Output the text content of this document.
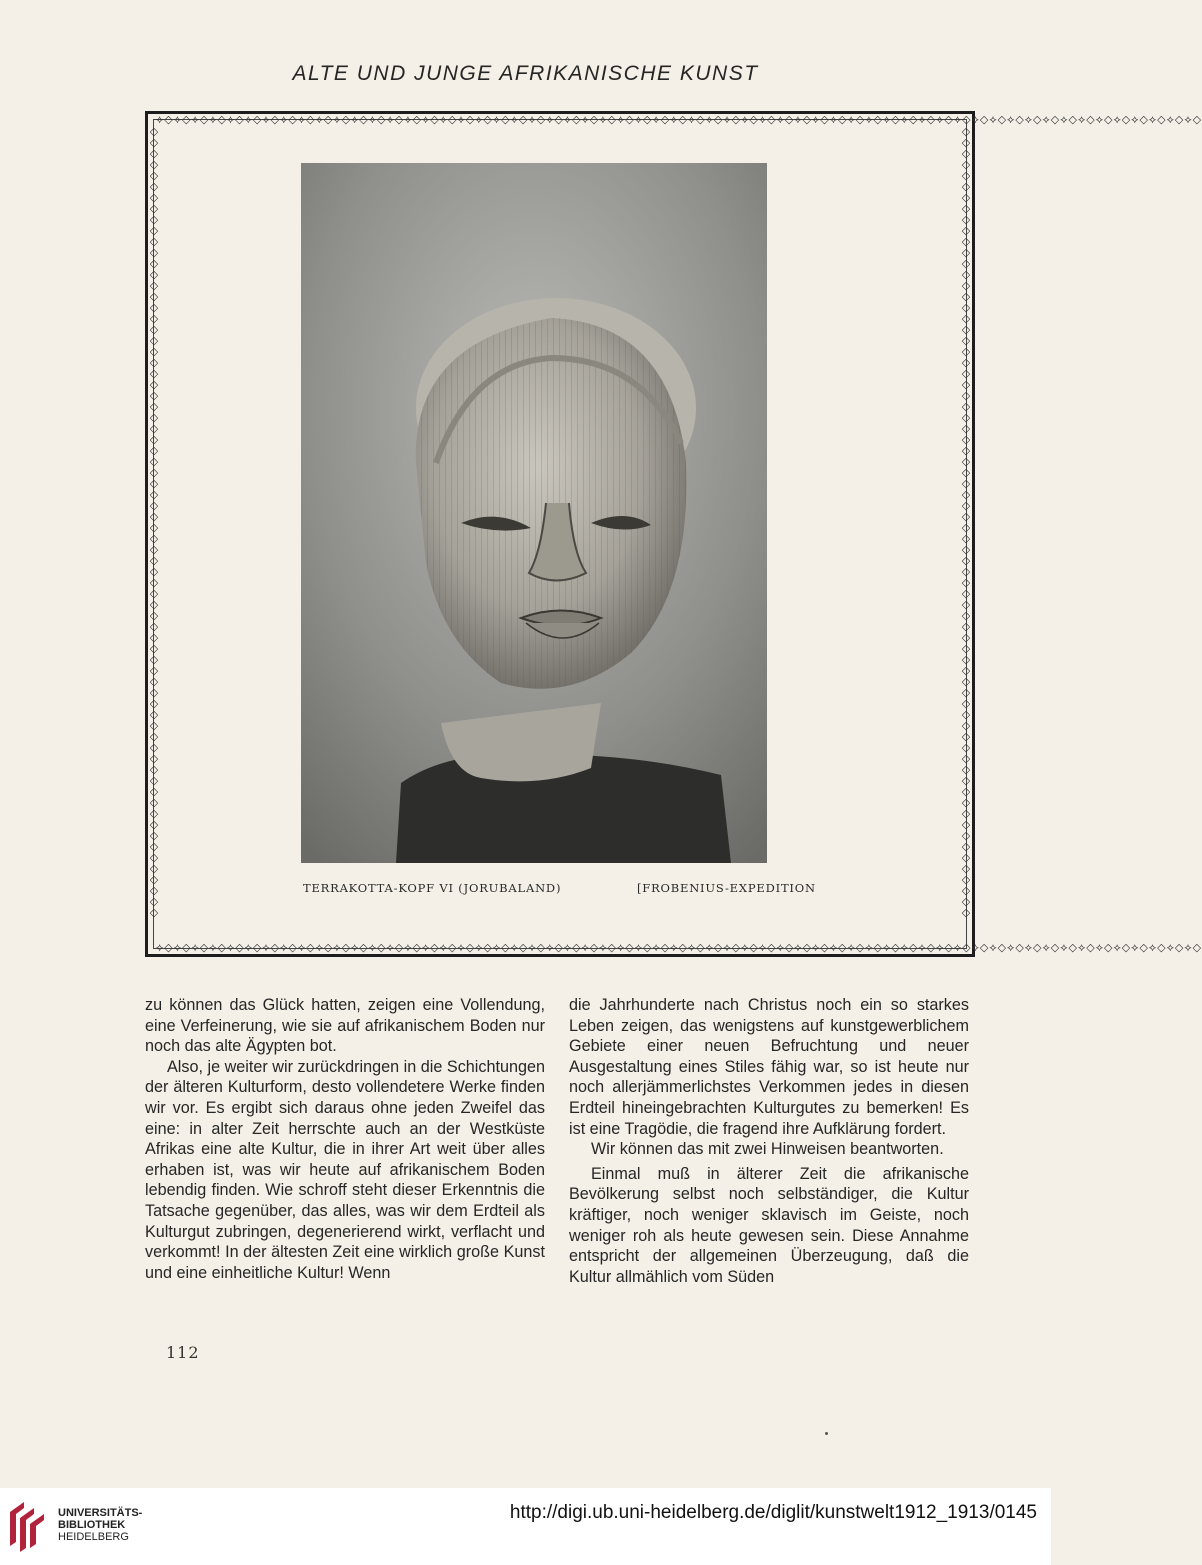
ALTE UND JUNGE AFRIKANISCHE KUNST
⟡◇⟡◇⟡◇⟡◇⟡◇⟡◇⟡◇⟡◇⟡◇⟡◇⟡◇⟡◇⟡◇⟡◇⟡◇⟡◇⟡◇⟡◇⟡◇⟡◇⟡◇⟡◇⟡◇⟡◇⟡◇⟡◇⟡◇⟡◇⟡◇⟡◇⟡◇⟡◇⟡◇⟡◇⟡◇⟡◇⟡◇⟡◇⟡◇⟡◇⟡◇⟡◇⟡◇⟡◇⟡◇⟡◇⟡◇⟡◇⟡◇⟡◇⟡◇⟡◇⟡◇⟡◇⟡◇⟡◇⟡◇⟡◇⟡◇
⟡◇⟡◇⟡◇⟡◇⟡◇⟡◇⟡◇⟡◇⟡◇⟡◇⟡◇⟡◇⟡◇⟡◇⟡◇⟡◇⟡◇⟡◇⟡◇⟡◇⟡◇⟡◇⟡◇⟡◇⟡◇⟡◇⟡◇⟡◇⟡◇⟡◇⟡◇⟡◇⟡◇⟡◇⟡◇⟡◇⟡◇⟡◇⟡◇⟡◇⟡◇⟡◇⟡◇⟡◇⟡◇⟡◇⟡◇⟡◇⟡◇⟡◇⟡◇⟡◇⟡◇⟡◇⟡◇⟡◇⟡◇⟡◇⟡◇
◇◇◇◇◇◇◇◇◇◇◇◇◇◇◇◇◇◇◇◇◇◇◇◇◇◇◇◇◇◇◇◇◇◇◇◇◇◇◇◇◇◇◇◇◇◇◇◇◇◇◇◇◇◇◇◇◇◇◇◇◇◇◇◇◇◇◇◇◇◇◇◇
◇◇◇◇◇◇◇◇◇◇◇◇◇◇◇◇◇◇◇◇◇◇◇◇◇◇◇◇◇◇◇◇◇◇◇◇◇◇◇◇◇◇◇◇◇◇◇◇◇◇◇◇◇◇◇◇◇◇◇◇◇◇◇◇◇◇◇◇◇◇◇◇
TERRAKOTTA-KOPF VI (JORUBALAND)	[FROBENIUS-EXPEDITION

zu können das Glück hatten, zeigen eine Vollendung, eine Verfeinerung, wie sie auf afrikanischem Boden nur noch das alte Ägypten bot.

Also, je weiter wir zurückdringen in die Schichtungen der älteren Kulturform, desto vollendetere Werke finden wir vor. Es ergibt sich daraus ohne jeden Zweifel das eine: in alter Zeit herrschte auch an der Westküste Afrikas eine alte Kultur, die in ihrer Art weit über alles erhaben ist, was wir heute auf afrikanischem Boden lebendig finden. Wie schroff steht dieser Erkenntnis die Tatsache gegenüber, das alles, was wir dem Erdteil als Kulturgut zubringen, degenerierend wirkt, verflacht und verkommt! In der ältesten Zeit eine wirklich große Kunst und eine einheitliche Kultur! Wenn

die Jahrhunderte nach Christus noch ein so starkes Leben zeigen, das wenigstens auf kunstgewerblichem Gebiete einer neuen Befruchtung und neuer Ausgestaltung eines Stiles fähig war, so ist heute nur noch allerjämmerlichstes Verkommen jedes in diesen Erdteil hineingebrachten Kulturgutes zu bemerken! Es ist eine Tragödie, die fragend ihre Aufklärung fordert.

Wir können das mit zwei Hinweisen beantworten.

Einmal muß in älterer Zeit die afrikanische Bevölkerung selbst noch selbständiger, die Kultur kräftiger, noch weniger sklavisch im Geiste, noch weniger roh als heute gewesen sein. Diese Annahme entspricht der allgemeinen Überzeugung, daß die Kultur allmählich vom Süden

112
UNIVERSITÄTS-
BIBLIOTHEK
HEIDELBERG
http://digi.ub.uni-heidelberg.de/diglit/kunstwelt1912_1913/0145
